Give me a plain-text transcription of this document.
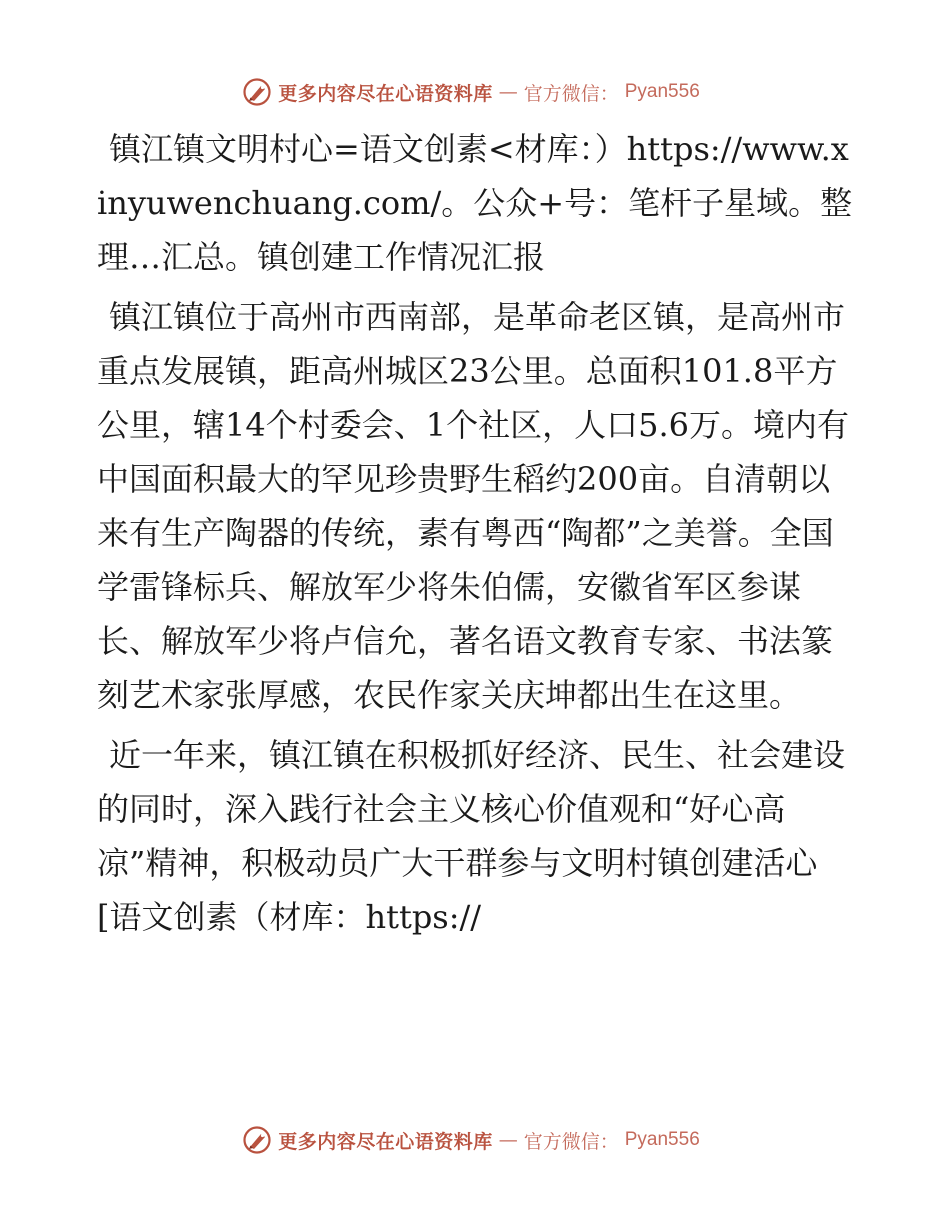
更多内容尽在心语资料库 — 官方微信： Pyan556

镇江镇文明村心=语文创素<材库：）https://www.xinyuwenchuang.com/。公众+号：笔杆子星域。整理…汇总。镇创建工作情况汇报

镇江镇位于高州市西南部，是革命老区镇，是高州市重点发展镇，距高州城区23公里。总面积101.8平方公里，辖14个村委会、1个社区，人口5.6万。境内有中国面积最大的罕见珍贵野生稻约200亩。自清朝以来有生产陶器的传统，素有粤西“陶都”之美誉。全国学雷锋标兵、解放军少将朱伯儒，安徽省军区参谋长、解放军少将卢信允，著名语文教育专家、书法篆刻艺术家张厚感，农民作家关庆坤都出生在这里。

近一年来，镇江镇在积极抓好经济、民生、社会建设的同时，深入践行社会主义核心价值观和“好心高凉”精神，积极动员广大干群参与文明村镇创建活心[语文创素（材库：https://

更多内容尽在心语资料库 — 官方微信： Pyan556
